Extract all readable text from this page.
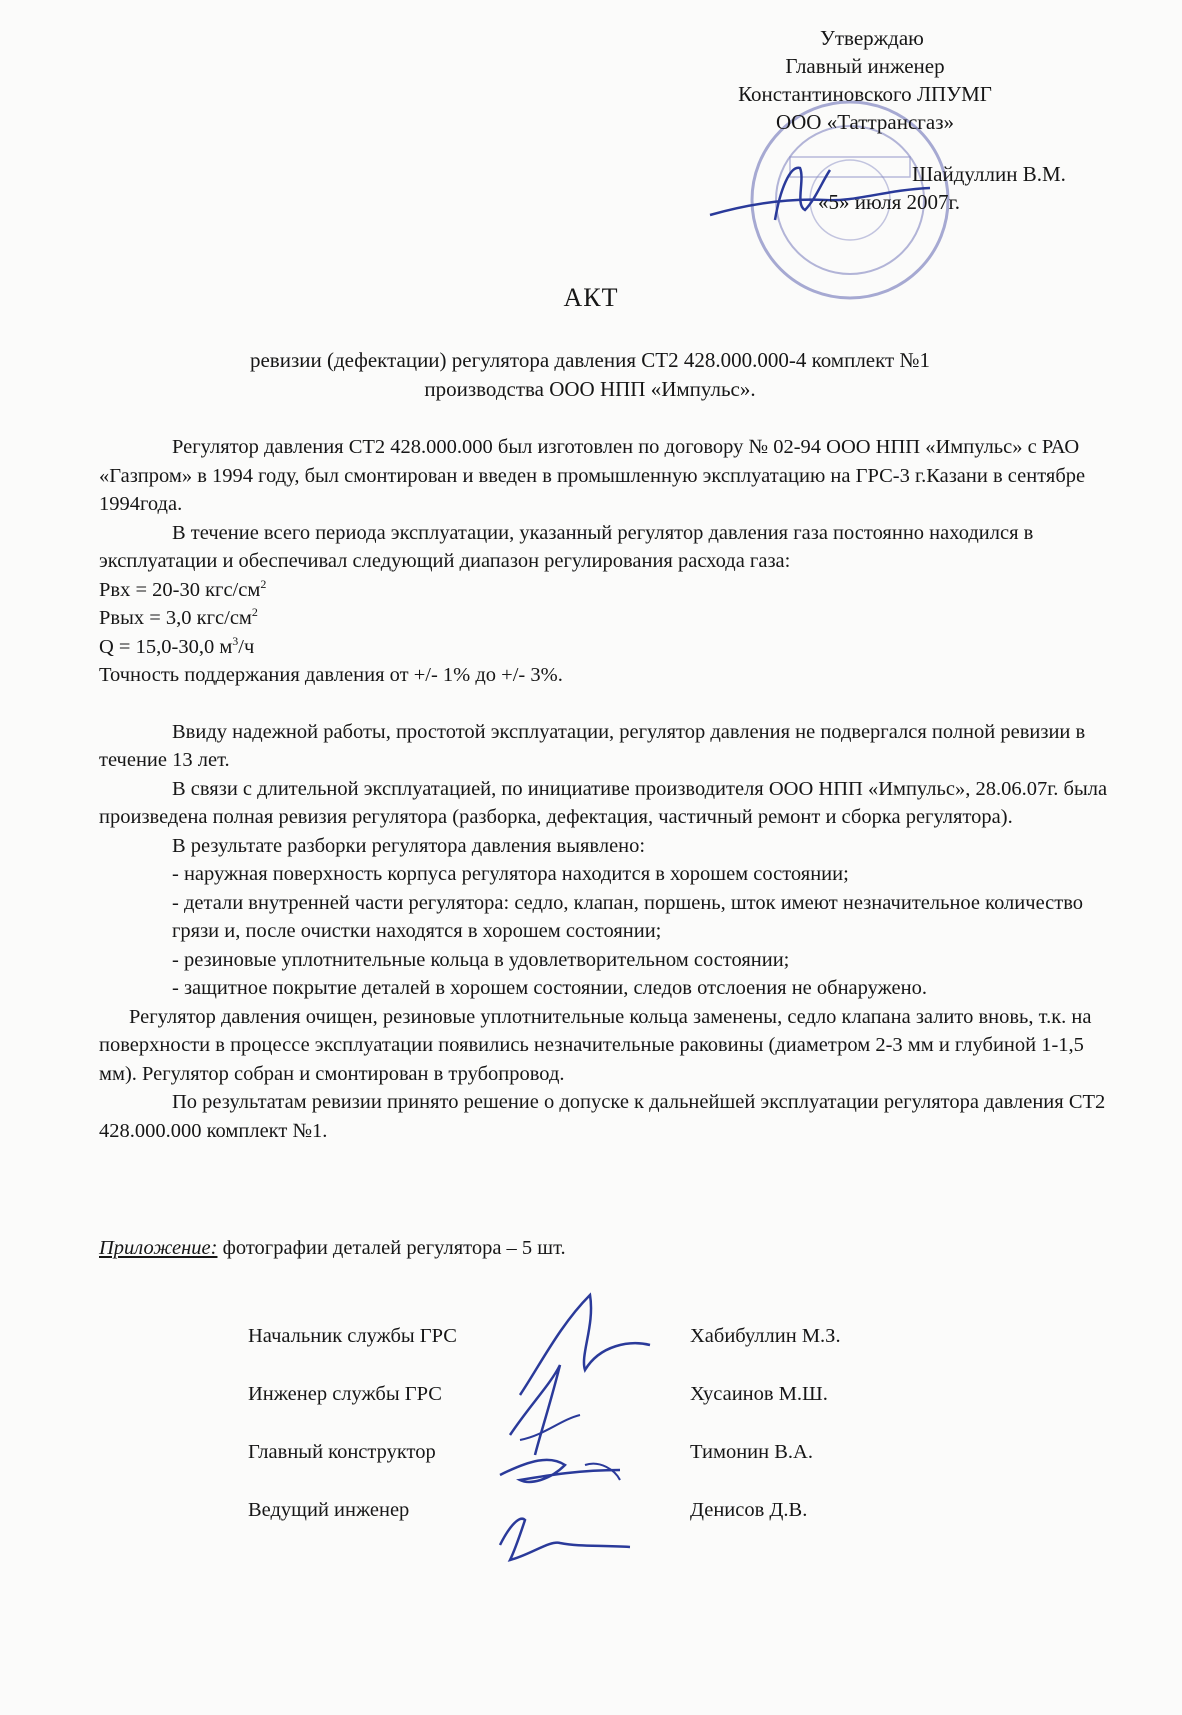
Утверждаю
Главный инженер
Константиновского ЛПУМГ
ООО «Таттрансгаз»
Шайдуллин В.М.
«5» июля 2007г.
АКТ
ревизии (дефектации) регулятора давления СТ2 428.000.000-4 комплект №1
производства ООО НПП «Импульс».

Регулятор давления СТ2 428.000.000 был изготовлен по договору № 02-94 ООО НПП «Импульс» с РАО «Газпром» в 1994 году, был смонтирован и введен в промышленную эксплуатацию на ГРС-3 г.Казани в сентябре 1994года.

В течение всего периода эксплуатации, указанный регулятор давления газа постоянно находился в эксплуатации и обеспечивал следующий диапазон регулирования расхода газа:

Рвх = 20-30 кгс/$см^2$

Рвых = 3,0 кгс/$см^2$

Q = 15,0-30,0 $м^3/ч$

Точность поддержания давления от +/- 1% до +/- 3%.

Ввиду надежной работы, простотой эксплуатации, регулятор давления не подвергался полной ревизии в течение 13 лет.

В связи с длительной эксплуатацией, по инициативе производителя ООО НПП «Импульс», 28.06.07г. была произведена полная ревизия регулятора (разборка, дефектация, частичный ремонт и сборка регулятора).

В результате разборки регулятора давления выявлено:

- наружная поверхность корпуса регулятора находится в хорошем состоянии;

- детали внутренней части регулятора: седло, клапан, поршень, шток имеют незначительное количество грязи и, после очистки находятся в хорошем состоянии;

- резиновые уплотнительные кольца в удовлетворительном состоянии;

- защитное покрытие деталей в хорошем состоянии, следов отслоения не обнаружено.

Регулятор давления очищен, резиновые уплотнительные кольца заменены, седло клапана залито вновь, т.к. на поверхности в процессе эксплуатации появились незначительные раковины (диаметром 2-3 мм и глубиной 1-1,5 мм). Регулятор собран и смонтирован в трубопровод.

По результатам ревизии принято решение о допуске к дальнейшей эксплуатации регулятора давления СТ2 428.000.000 комплект №1.

Приложение: фотографии деталей регулятора – 5 шт.
Начальник службы ГРС	Хабибуллин М.З.
Инженер службы ГРС	Хусаинов М.Ш.
Главный конструктор	Тимонин В.А.
Ведущий инженер	Денисов Д.В.
